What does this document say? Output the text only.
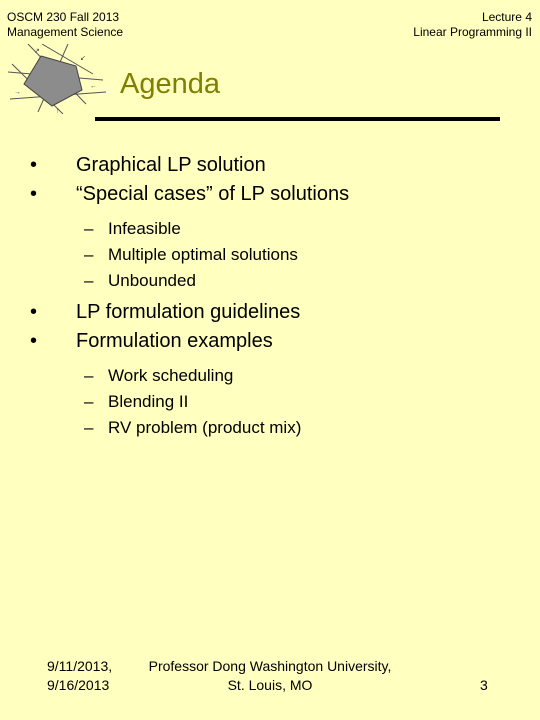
OSCM 230 Fall 2013
Management Science
Lecture 4
Linear Programming II
↗
↙
←
↑
→	Agenda
•	Graphical LP solution
•	“Special cases” of LP solutions
– Infeasible
– Multiple optimal solutions
– Unbounded
•	LP formulation guidelines
•	Formulation examples
– Work scheduling
– Blending II
– RV problem (product mix)
9/11/2013,
9/16/2013
Professor Dong Washington University,
St. Louis, MO	3
